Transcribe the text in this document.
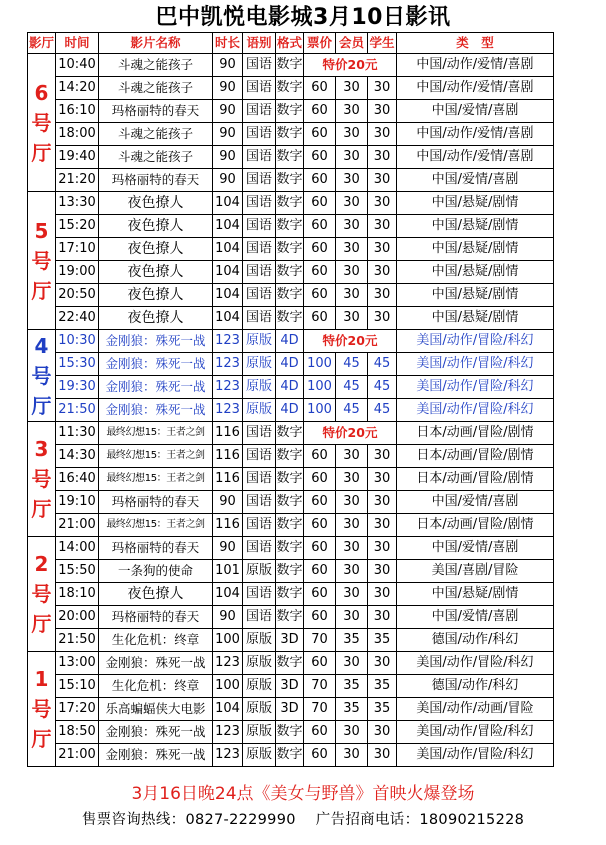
巴中凯悦电影城3月10日影讯
影厅	时间	影片名称	时长	语别	格式	票价	会员	学生	类　型

6
号
厅	10:40	斗魂之能孩子	90	国语	数字	特价20元			中国/动作/爱情/喜剧
	14:20	斗魂之能孩子	90	国语	数字	60	30	30	中国/动作/爱情/喜剧
	16:10	玛格丽特的春天	90	国语	数字	60	30	30	中国/爱情/喜剧
	18:00	斗魂之能孩子	90	国语	数字	60	30	30	中国/动作/爱情/喜剧
	19:40	斗魂之能孩子	90	国语	数字	60	30	30	中国/动作/爱情/喜剧
	21:20	玛格丽特的春天	90	国语	数字	60	30	30	中国/爱情/喜剧

5
号
厅	13:30	夜色撩人	104	国语	数字	60	30	30	中国/悬疑/剧情
	15:20	夜色撩人	104	国语	数字	60	30	30	中国/悬疑/剧情
	17:10	夜色撩人	104	国语	数字	60	30	30	中国/悬疑/剧情
	19:00	夜色撩人	104	国语	数字	60	30	30	中国/悬疑/剧情
	20:50	夜色撩人	104	国语	数字	60	30	30	中国/悬疑/剧情
	22:40	夜色撩人	104	国语	数字	60	30	30	中国/悬疑/剧情

4
号
厅	10:30	金刚狼：殊死一战	123	原版	4D	特价20元			美国/动作/冒险/科幻
	15:30	金刚狼：殊死一战	123	原版	4D	100	45	45	美国/动作/冒险/科幻
	19:30	金刚狼：殊死一战	123	原版	4D	100	45	45	美国/动作/冒险/科幻
	21:50	金刚狼：殊死一战	123	原版	4D	100	45	45	美国/动作/冒险/科幻

3
号
厅	11:30	最终幻想15：王者之剑	116	国语	数字	特价20元			日本/动画/冒险/剧情
	14:30	最终幻想15：王者之剑	116	国语	数字	60	30	30	日本/动画/冒险/剧情
	16:40	最终幻想15：王者之剑	116	国语	数字	60	30	30	日本/动画/冒险/剧情
	19:10	玛格丽特的春天	90	国语	数字	60	30	30	中国/爱情/喜剧
	21:00	最终幻想15：王者之剑	116	国语	数字	60	30	30	日本/动画/冒险/剧情

2
号
厅	14:00	玛格丽特的春天	90	国语	数字	60	30	30	中国/爱情/喜剧
	15:50	一条狗的使命	101	原版	数字	60	30	30	美国/喜剧/冒险
	18:10	夜色撩人	104	国语	数字	60	30	30	中国/悬疑/剧情
	20:00	玛格丽特的春天	90	国语	数字	60	30	30	中国/爱情/喜剧
	21:50	生化危机：终章	100	原版	3D	70	35	35	德国/动作/科幻

1
号
厅	13:00	金刚狼：殊死一战	123	原版	数字	60	30	30	美国/动作/冒险/科幻
	15:10	生化危机：终章	100	原版	3D	70	35	35	德国/动作/科幻
	17:20	乐高蝙蝠侠大电影	104	原版	3D	70	35	35	美国/动作/动画/冒险
	18:50	金刚狼：殊死一战	123	原版	数字	60	30	30	美国/动作/冒险/科幻
	21:00	金刚狼：殊死一战	123	原版	数字	60	30	30	美国/动作/冒险/科幻
3月16日晚24点《美女与野兽》首映火爆登场
售票咨询热线：0827-2229990 广告招商电话：18090215228
